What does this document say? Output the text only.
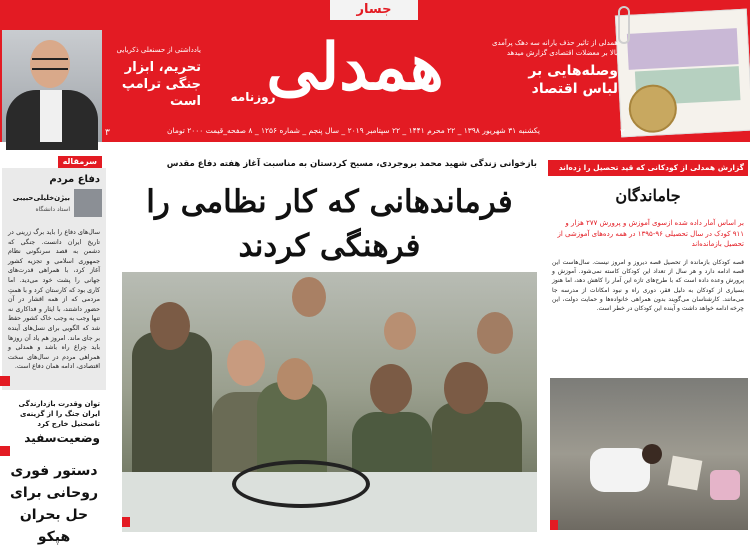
جسار
همدلی
روزنامه
یکشنبه ۳۱ شهریور ۱۳۹۸ _ ۲۲ محرم ۱۴۴۱ _ ۲۲ سپتامبر ۲۰۱۹ _ سال پنجم _ شماره ۱۲۵۶ _ ۸ صفحه_قیمت ۲۰۰۰ تومان
۳
یادداشتی از حسنعلی ذکریایی
تحریم، ابزار جنگی ترامپ است
همدلی از تاثیر حذف یارانه سه دهک پرآمدی بالا بر معضلات اقتصادی گزارش میدهد
وصله‌هایی بر لباس اقتصاد
۲
سرمقاله
دفاع مردم
بیژن‌خلیلی‌حبیبی
استاد دانشگاه
سال‌های دفاع را باید برگ زرینی در تاریخ ایران دانست. جنگی که دشمن به قصد سرنگونی نظام جمهوری اسلامی و تجزیه کشور آغاز کرد، با همراهی قدرت‌های جهانی را پشت خود می‌دید. اما کاری بود که کارستان کرد و با همتِ مردمی که از همه اقشار در آن حضور داشتند، با ایثار و فداکاری نه تنها وجب به وجب خاک کشور حفظ شد که الگویی برای نسل‌های آینده بر جای ماند. امروز هم یاد آن روزها باید چراغ راه باشد و همدلی و همراهی مردم در سال‌های سخت اقتصادی، ادامه همان دفاع است.
توان وقدرت بازدارندگی ایران جنگ را از گزینه‌ی تاصحنیل خارج کرد
وضعیت‌سفید
دستور فوری روحانی برای حل بحران هپکو
بازخوانی زندگی شهید محمد بروجردی، مسیح کردستان به مناسبت آغاز هفته دفاع مقدس
فرماندهانی که کار نظامی را فرهنگی کردند
گزارش همدلی از کودکانی که قید تحصیل را زده‌اند
جاماندگان
بر اساس آمار داده شده ازسوی آموزش و پرورش ۲۷۷ هزار و ۹۱۱ کودک در سال تحصیلی ۹۶-۱۳۹۵ در همه رده‌های آموزشی از تحصیل بازمانده‌اند
قصه کودکان بازمانده از تحصیل قصه دیروز و امروز نیست. سال‌هاست این قصه ادامه دارد و هر سال از تعداد این کودکان کاسته نمی‌شود. آموزش و پرورش وعده داده است که با طرح‌های تازه این آمار را کاهش دهد، اما هنوز بسیاری از کودکان به دلیل فقر، دوری راه و نبود امکانات از مدرسه جا می‌مانند. کارشناسان می‌گویند بدون همراهی خانواده‌ها و حمایت دولت، این چرخه ادامه خواهد داشت و آینده این کودکان در خطر است.
